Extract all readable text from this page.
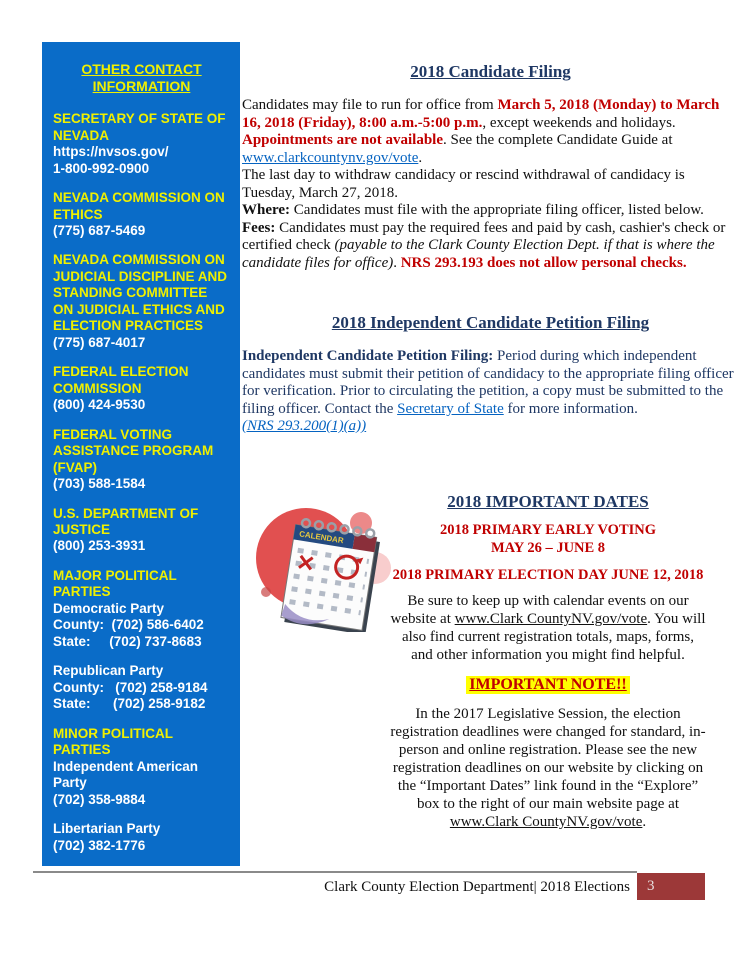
OTHER CONTACT INFORMATION
SECRETARY OF STATE OF NEVADA
https://nvsos.gov/
1-800-992-0900
NEVADA COMMISSION ON ETHICS
(775) 687-5469
NEVADA COMMISSION ON JUDICIAL DISCIPLINE AND STANDING COMMITTEE ON JUDICIAL ETHICS AND ELECTION PRACTICES
(775) 687-4017
FEDERAL ELECTION COMMISSION
(800) 424-9530
FEDERAL VOTING ASSISTANCE PROGRAM (FVAP)
(703) 588-1584
U.S. DEPARTMENT OF JUSTICE
(800) 253-3931
MAJOR POLITICAL PARTIES
Democratic Party
County:  (702) 586-6402
State:     (702) 737-8683
Republican Party
County:   (702) 258-9184
State:      (702) 258-9182
MINOR POLITICAL PARTIES
Independent American Party
(702) 358-9884
Libertarian Party
(702) 382-1776
2018 Candidate Filing
Candidates may file to run for office from March 5, 2018 (Monday) to March 16, 2018 (Friday), 8:00 a.m.-5:00 p.m., except weekends and holidays. Appointments are not available. See the complete Candidate Guide at www.clarkcountynv.gov/vote.
The last day to withdraw candidacy or rescind withdrawal of candidacy is Tuesday, March 27, 2018.
Where: Candidates must file with the appropriate filing officer, listed below.
Fees: Candidates must pay the required fees and paid by cash, cashier's check or certified check (payable to the Clark County Election Dept. if that is where the candidate files for office). NRS 293.193 does not allow personal checks.
2018 Independent Candidate Petition Filing
Independent Candidate Petition Filing: Period during which independent candidates must submit their petition of candidacy to the appropriate filing officer for verification. Prior to circulating the petition, a copy must be submitted to the filing officer. Contact the Secretary of State for more information.
(NRS 293.200(1)(a))
CALENDAR
2018 IMPORTANT DATES
2018 PRIMARY EARLY VOTING
MAY 26 – JUNE 8
2018 PRIMARY ELECTION DAY JUNE 12, 2018
Be sure to keep up with calendar events on our website at www.Clark CountyNV.gov/vote. You will also find current registration totals, maps, forms, and other information you might find helpful.
IMPORTANT NOTE!!
In the 2017 Legislative Session, the election registration deadlines were changed for standard, in-person and online registration. Please see the new registration deadlines on our website by clicking on the “Important Dates” link found in the “Explore” box to the right of our main website page at www.Clark CountyNV.gov/vote.
Clark County Election Department| 2018 Elections	3
